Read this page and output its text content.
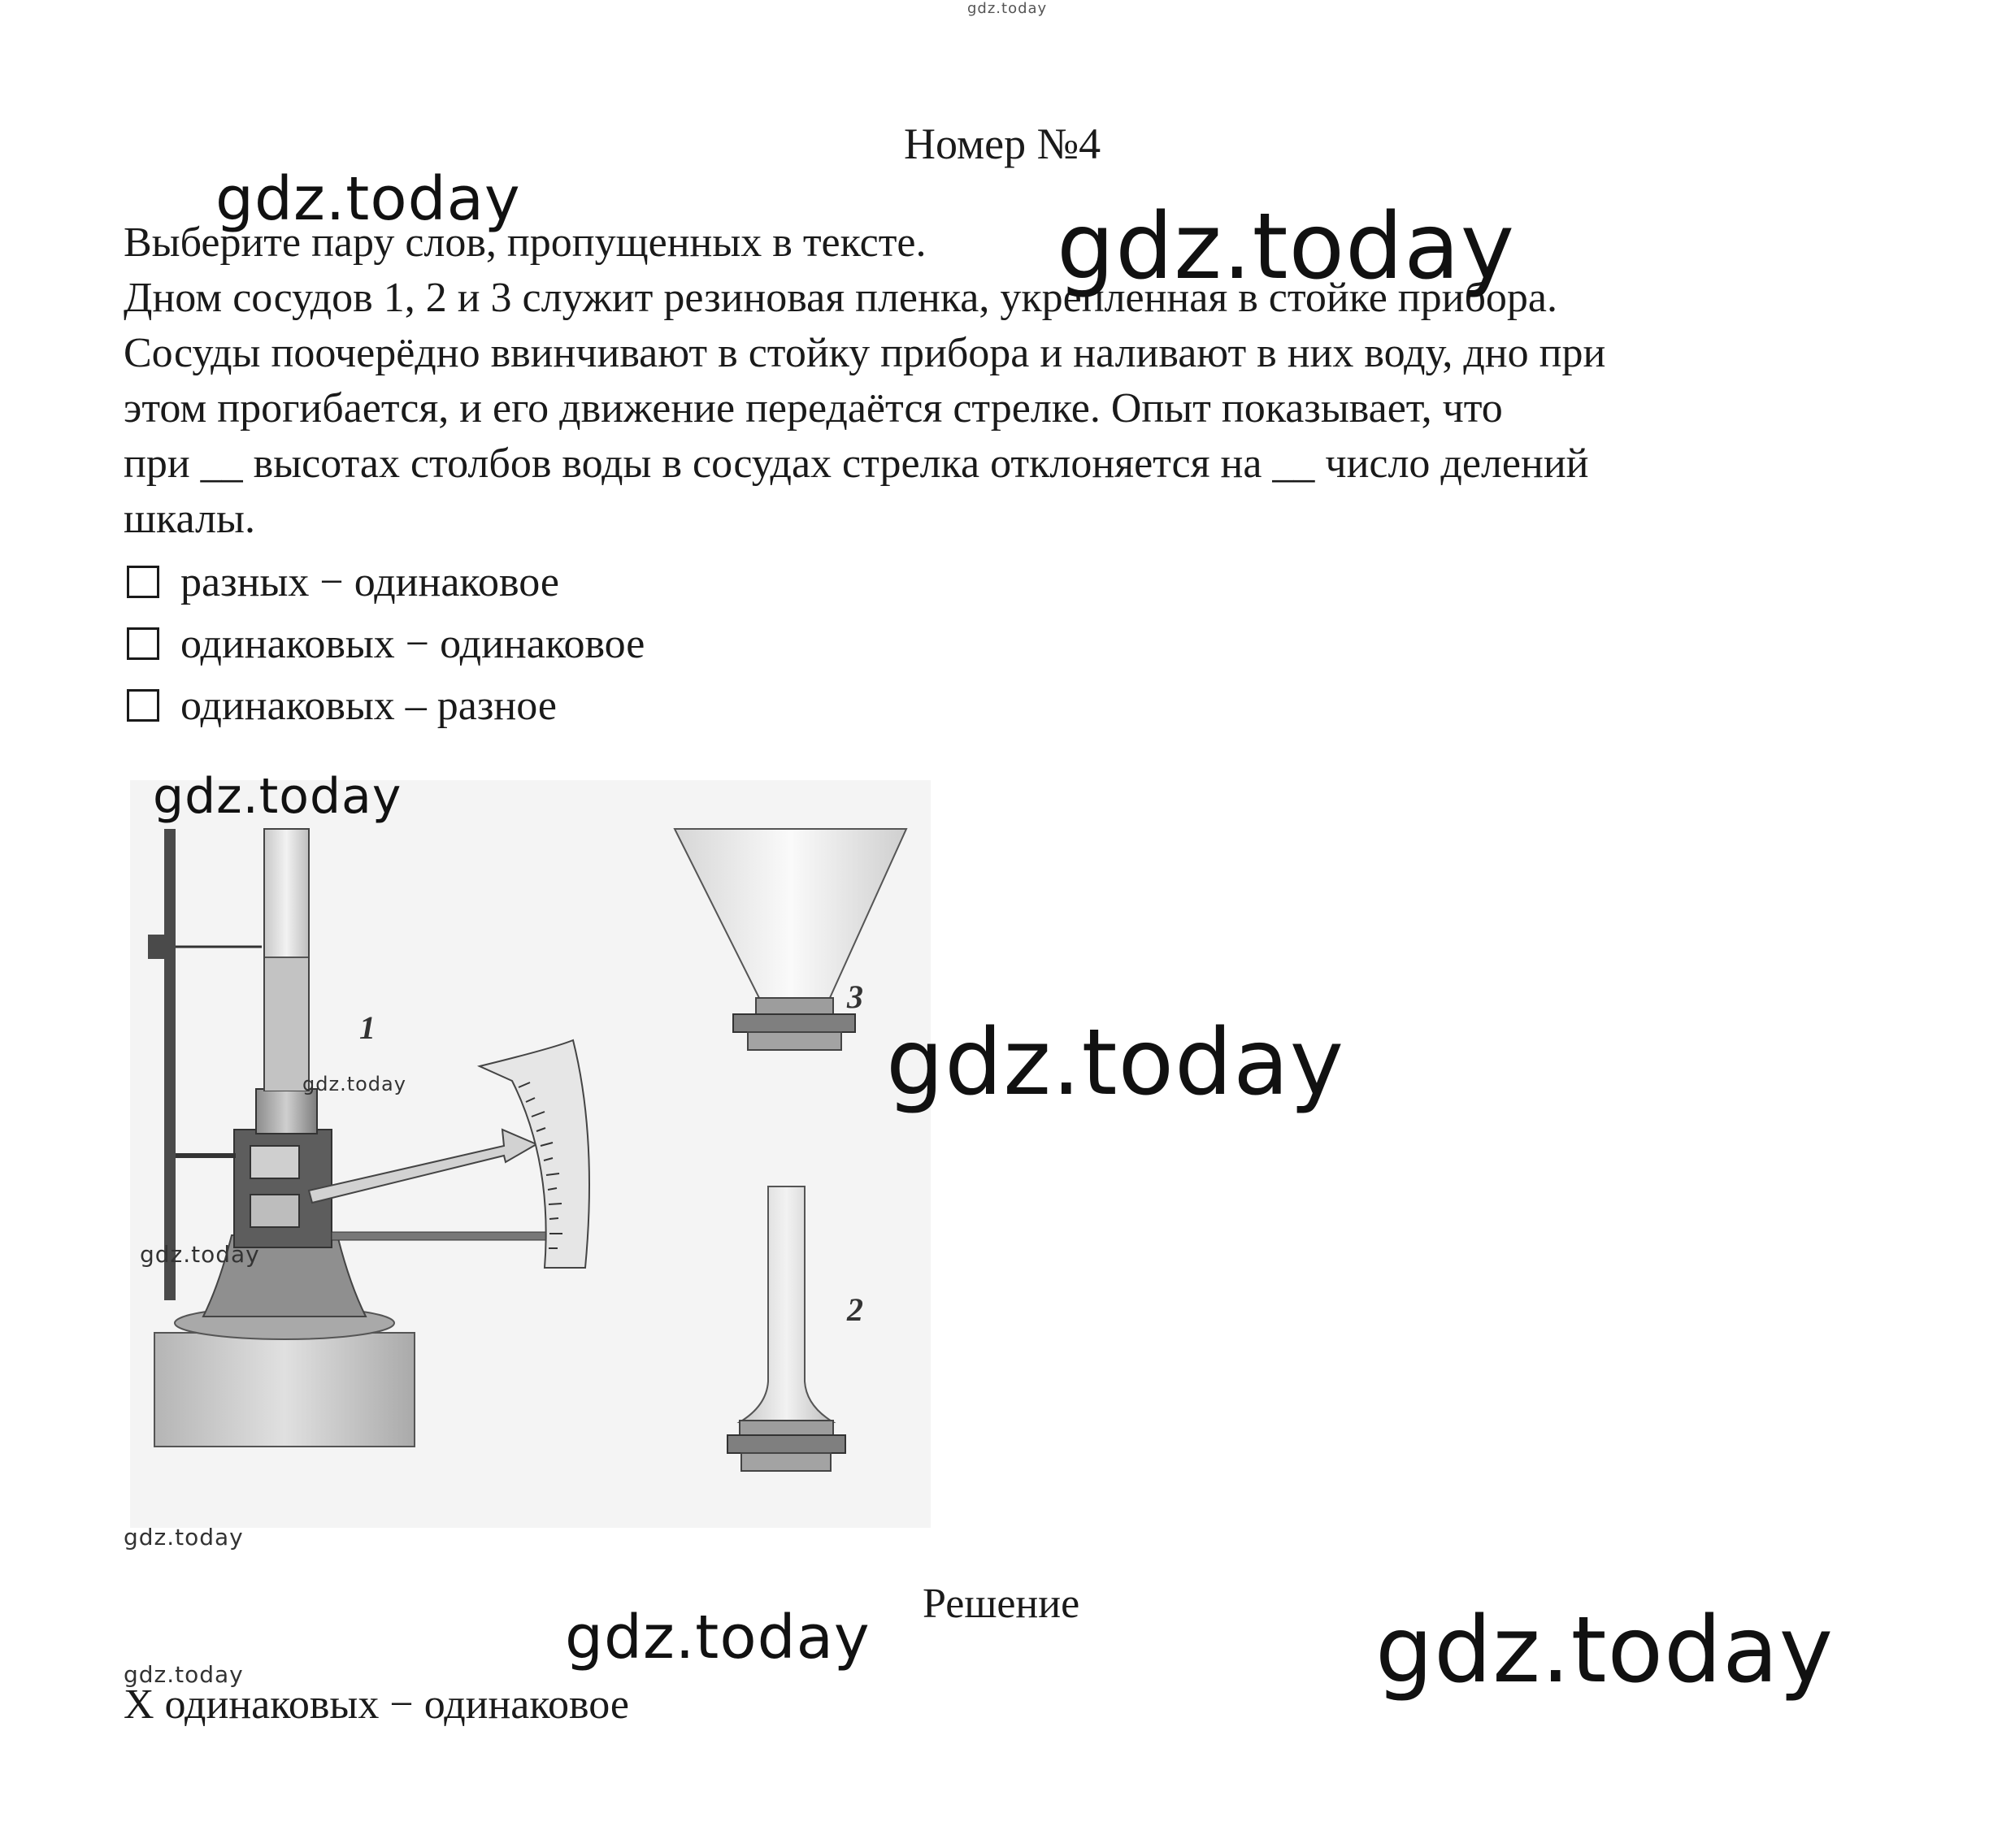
gdz.today
Номер №4
Выберите пару слов, пропущенных в тексте.
Дном сосудов 1, 2 и 3 служит резиновая пленка, укрепленная в стойке прибора.
Сосуды поочерёдно ввинчивают в стойку прибора и наливают в них воду, дно при
этом прогибается, и его движение передаётся стрелке. Опыт показывает, что
при __ высотах столбов воды в сосудах стрелка отклоняется на __ число делений
шкалы.
разных − одинаковое
одинаковых − одинаковое
одинаковых – разное
1
3
2
Решение
Х одинаковых − одинаковое
gdz.today	gdz.today
gdz.today
gdz.today
gdz.today
gdz.today
gdz.today
gdz.today	gdz.today
gdz.today
